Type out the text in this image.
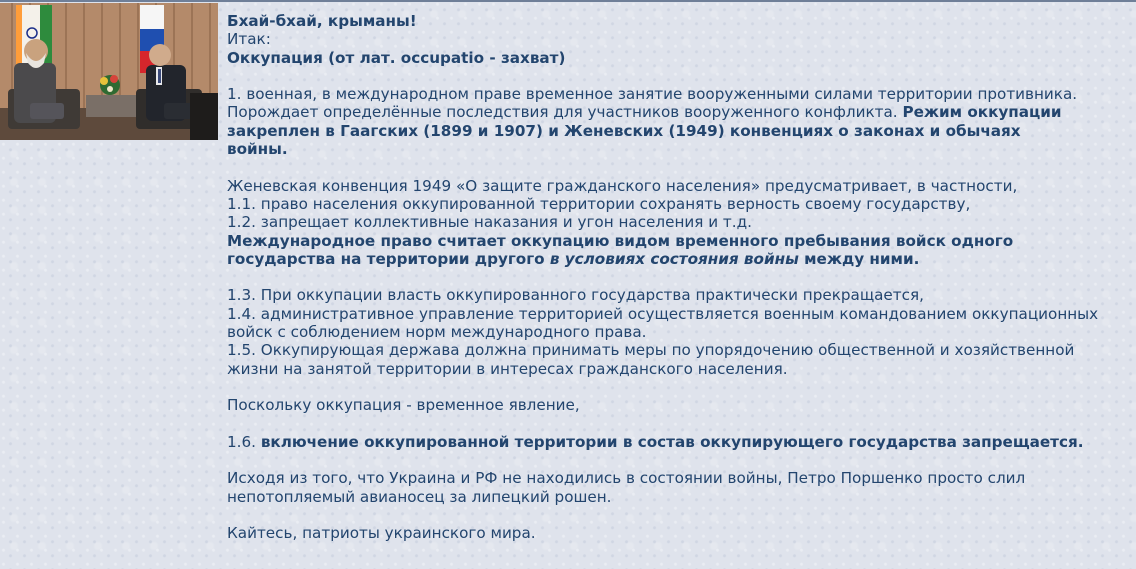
Бхай-бхай, крыманы!

Итак:

Оккупация (от лат. occupatio - захват)

1. военная, в международном праве временное занятие вооруженными силами территории противника.

Порождает определённые последствия для участников вооруженного конфликта. Режим оккупации

закреплен в Гаагских (1899 и 1907) и Женевских (1949) конвенциях о законах и обычаях

войны.

Женевская конвенция 1949 «О защите гражданского населения» предусматривает, в частности,

1.1. право населения оккупированной территории сохранять верность своему государству,

1.2. запрещает коллективные наказания и угон населения и т.д.

Международное право считает оккупацию видом временного пребывания войск одного

государства на территории другого в условиях состояния войны между ними.

1.3. При оккупации власть оккупированного государства практически прекращается,

1.4. административное управление территорией осуществляется военным командованием оккупационных

войск с соблюдением норм международного права.

1.5. Оккупирующая держава должна принимать меры по упорядочению общественной и хозяйственной

жизни на занятой территории в интересах гражданского населения.

Поскольку оккупация - временное явление,

1.6. включение оккупированной территории в состав оккупирующего государства запрещается.

Исходя из того, что Украина и РФ не находились в состоянии войны, Петро Поршенко просто слил

непотопляемый авианосец за липецкий рошен.

Кайтесь, патриоты украинского мира.
